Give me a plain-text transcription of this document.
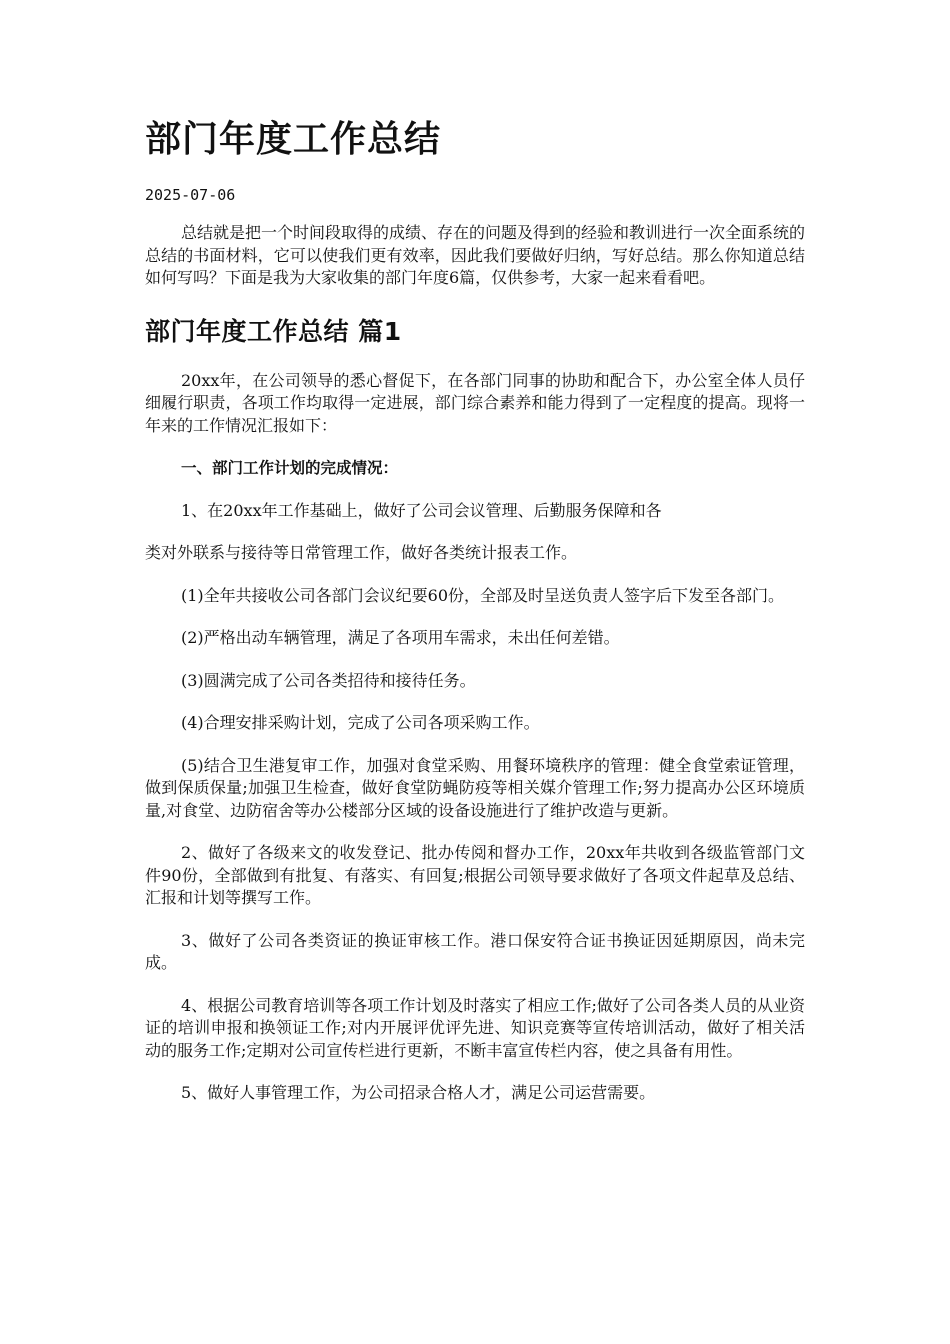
部门年度工作总结
2025-07-06

总结就是把一个时间段取得的成绩、存在的问题及得到的经验和教训进行一次全面系统的总结的书面材料，它可以使我们更有效率，因此我们要做好归纳，写好总结。那么你知道总结如何写吗？下面是我为大家收集的部门年度6篇，仅供参考，大家一起来看看吧。

部门年度工作总结 篇1

20xx年，在公司领导的悉心督促下，在各部门同事的协助和配合下，办公室全体人员仔细履行职责，各项工作均取得一定进展，部门综合素养和能力得到了一定程度的提高。现将一年来的工作情况汇报如下：

一、部门工作计划的完成情况：

1、在20xx年工作基础上，做好了公司会议管理、后勤服务保障和各

类对外联系与接待等日常管理工作，做好各类统计报表工作。

(1)全年共接收公司各部门会议纪要60份，全部及时呈送负责人签字后下发至各部门。

(2)严格出动车辆管理，满足了各项用车需求，未出任何差错。

(3)圆满完成了公司各类招待和接待任务。

(4)合理安排采购计划，完成了公司各项采购工作。

(5)结合卫生港复审工作，加强对食堂采购、用餐环境秩序的管理：健全食堂索证管理，做到保质保量;加强卫生检查，做好食堂防蝇防疫等相关媒介管理工作;努力提高办公区环境质量,对食堂、边防宿舍等办公楼部分区域的设备设施进行了维护改造与更新。

2、做好了各级来文的收发登记、批办传阅和督办工作，20xx年共收到各级监管部门文件90份，全部做到有批复、有落实、有回复;根据公司领导要求做好了各项文件起草及总结、汇报和计划等撰写工作。

3、做好了公司各类资证的换证审核工作。港口保安符合证书换证因延期原因，尚未完成。

4、根据公司教育培训等各项工作计划及时落实了相应工作;做好了公司各类人员的从业资证的培训申报和换领证工作;对内开展评优评先进、知识竞赛等宣传培训活动，做好了相关活动的服务工作;定期对公司宣传栏进行更新，不断丰富宣传栏内容，使之具备有用性。

5、做好人事管理工作，为公司招录合格人才，满足公司运营需要。
